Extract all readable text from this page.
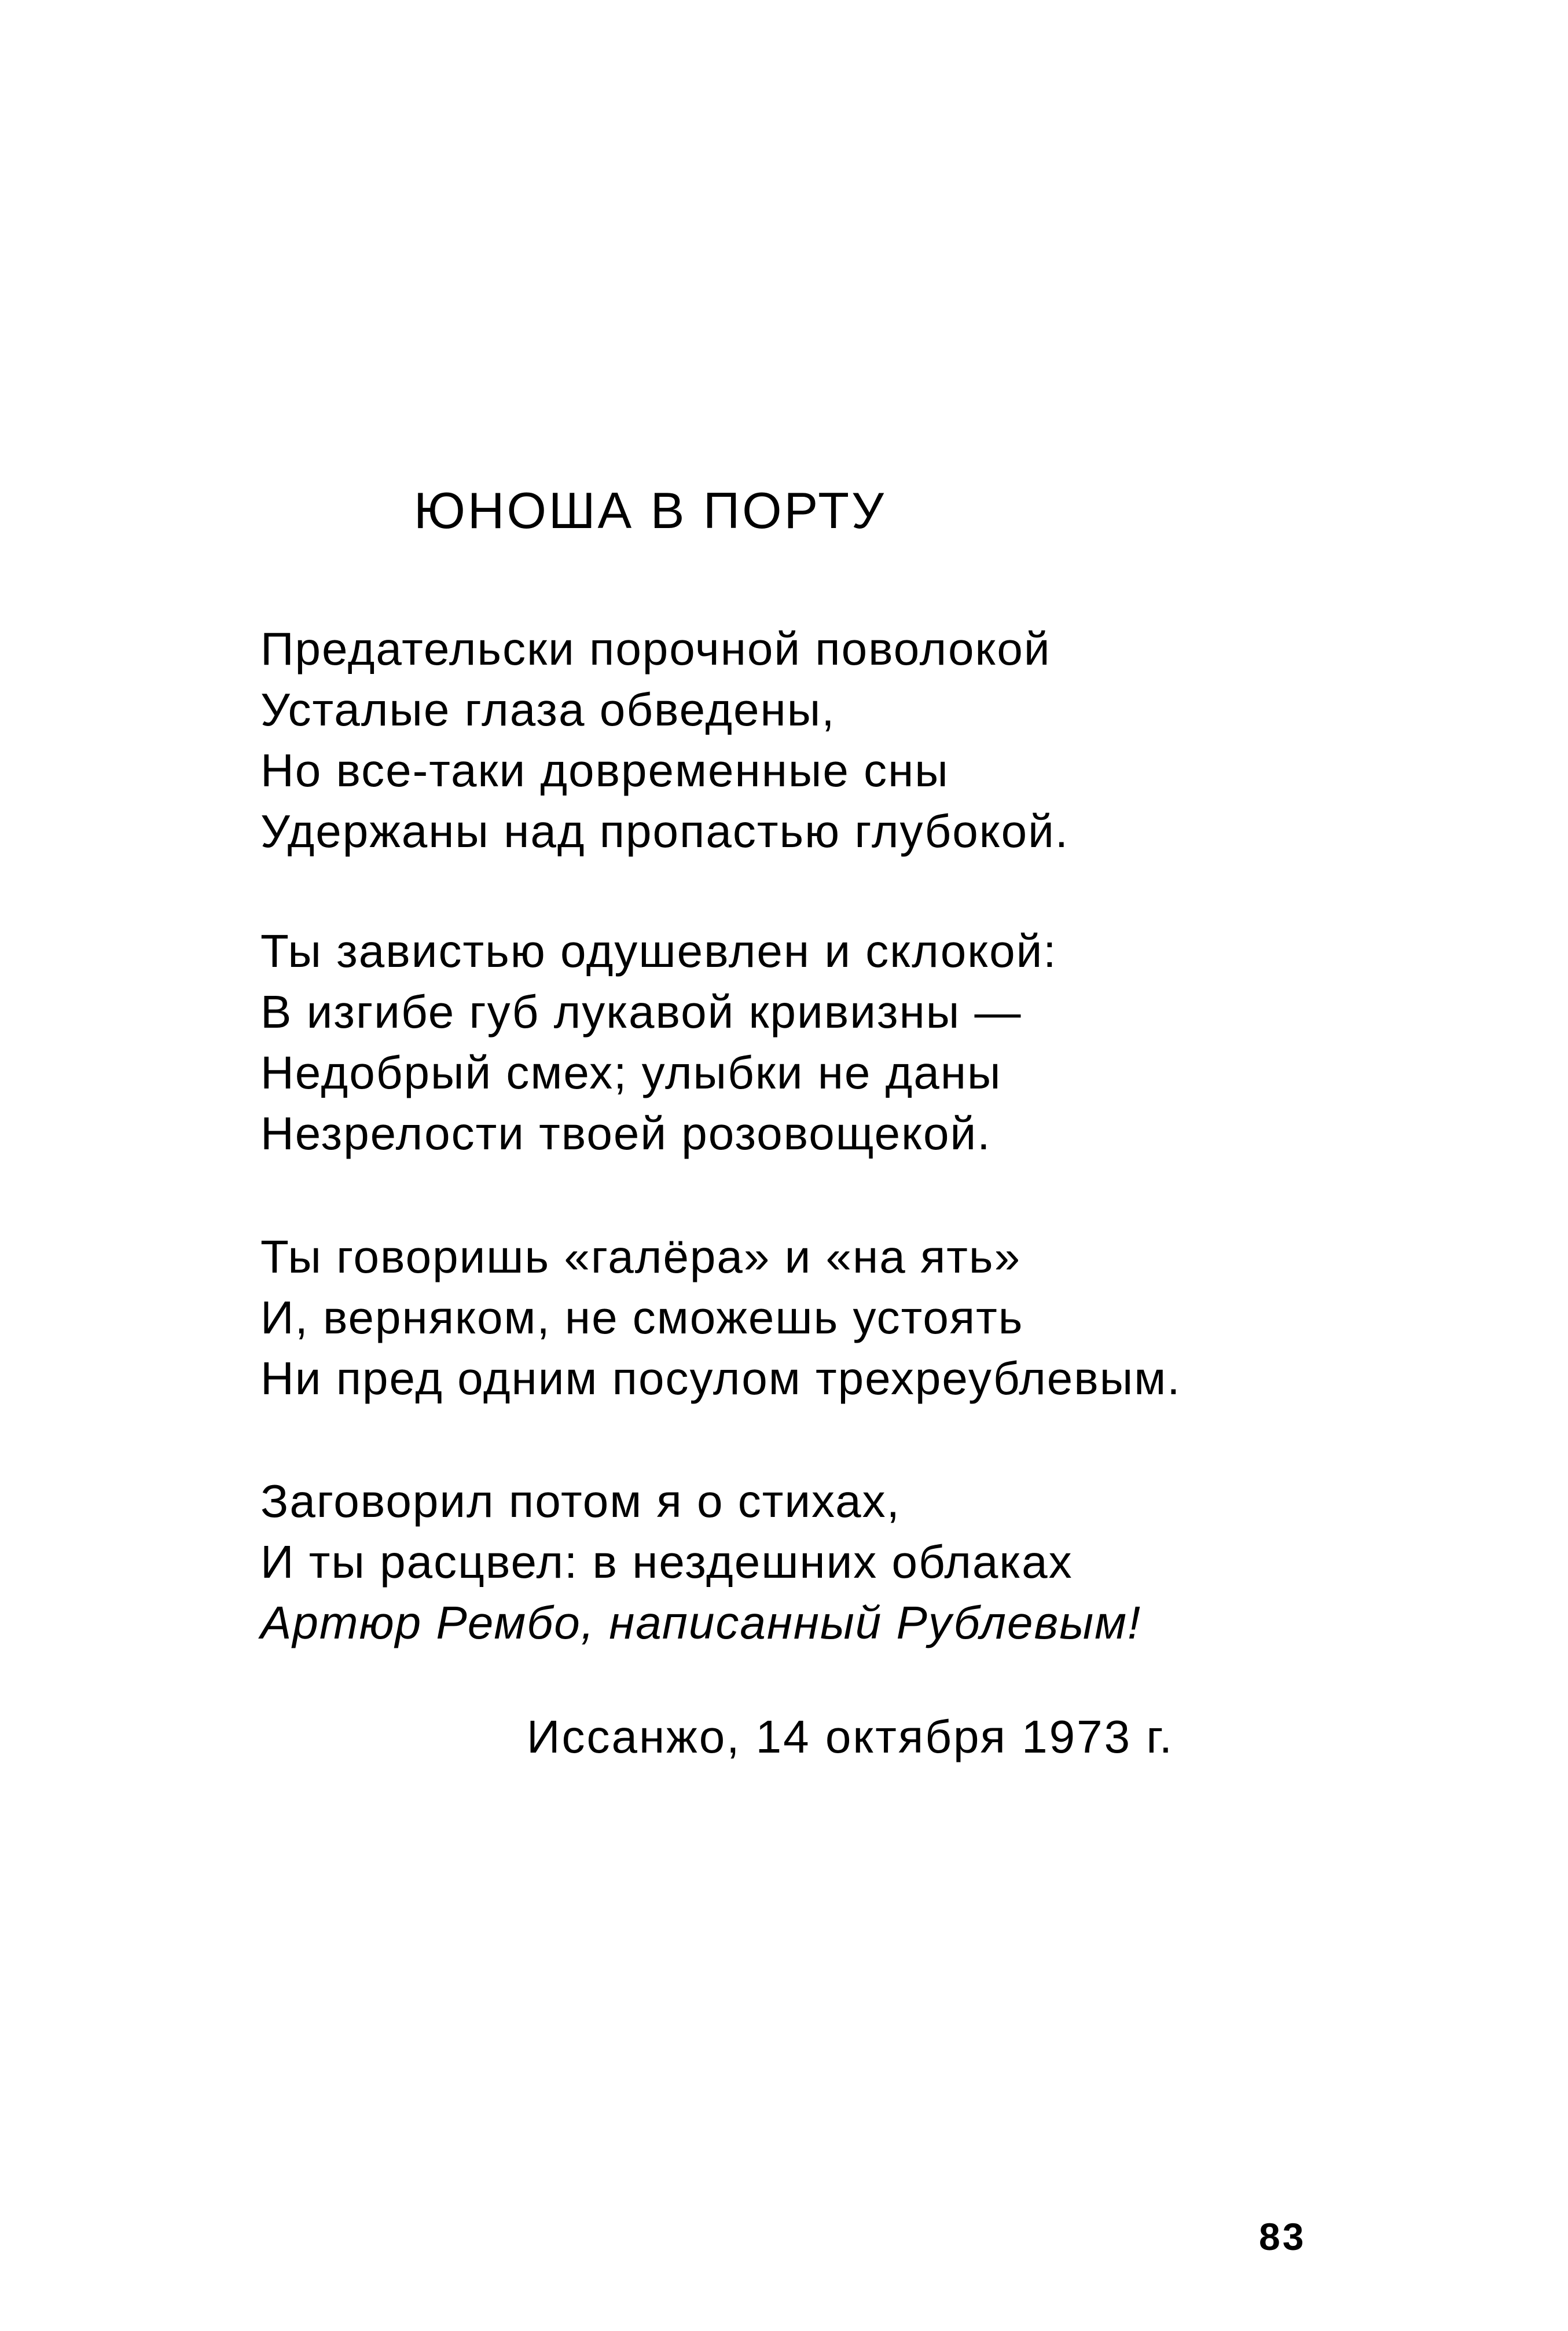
ЮНОША В ПОРТУ
Предательски порочной поволокой
Усталые глаза обведены,
Но все-таки довременные сны
Удержаны над пропастью глубокой.
Ты завистью одушевлен и склокой:
В изгибе губ лукавой кривизны —
Недобрый смех; улыбки не даны
Незрелости твоей розовощекой.
Ты говоришь «галёра» и «на ять»
И, верняком, не сможешь устоять
Ни пред одним посулом трехреублевым.
Заговорил потом я о стихах,
И ты расцвел: в нездешних облаках
Артюр Рембо, написанный Рублевым!
Иссанжо, 14 октября 1973 г.
83
